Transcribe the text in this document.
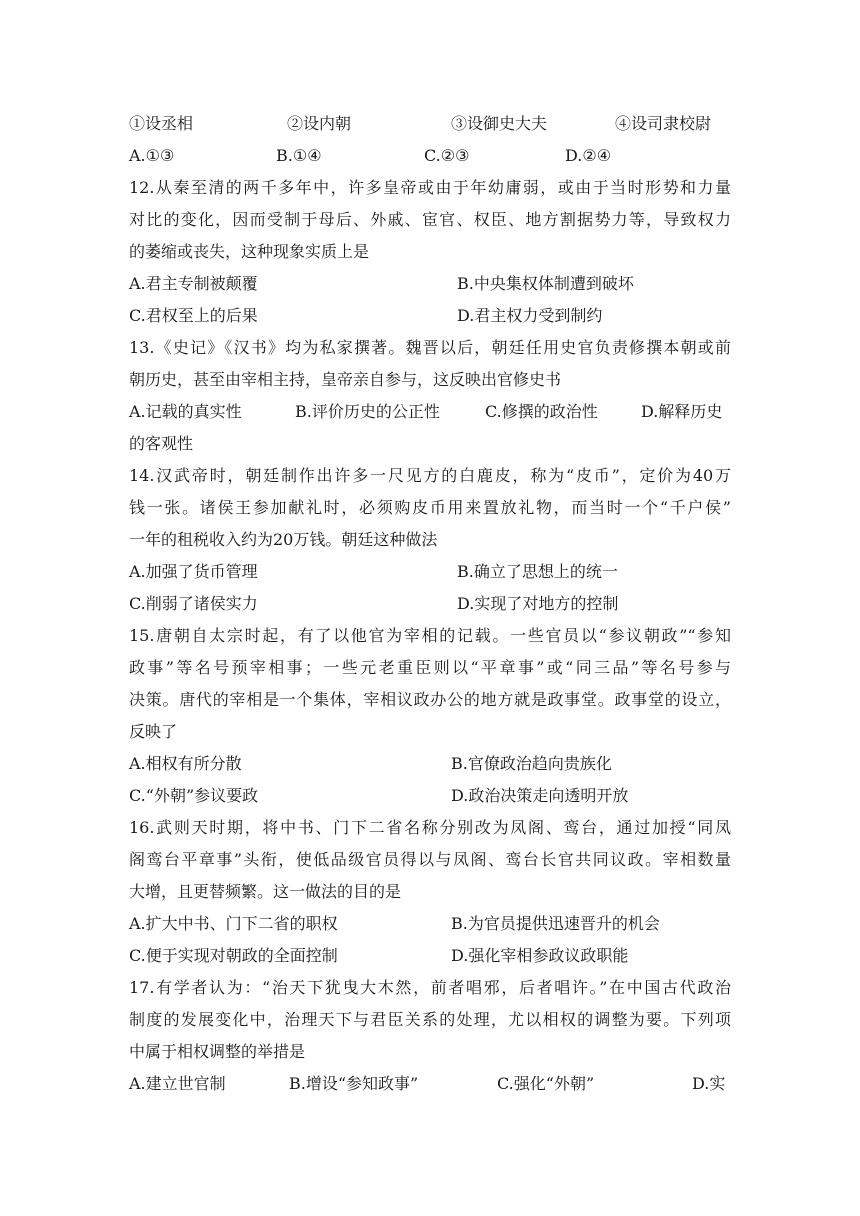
①设丞相	②设内朝	③设御史大夫	④设司隶校尉
A.①③	B.①④	C.②③	D.②④
12.从秦至清的两千多年中，许多皇帝或由于年幼庸弱，或由于当时形势和力量
对比的变化，因而受制于母后、外戚、宦官、权臣、地方割据势力等，导致权力
的萎缩或丧失，这种现象实质上是
A.君主专制被颠覆	B.中央集权体制遭到破坏
C.君权至上的后果	D.君主权力受到制约
13.《史记》《汉书》均为私家撰著。魏晋以后，朝廷任用史官负责修撰本朝或前
朝历史，甚至由宰相主持，皇帝亲自参与，这反映出官修史书
A.记载的真实性	B.评价历史的公正性	C.修撰的政治性	D.解释历史
的客观性
14.汉武帝时，朝廷制作出许多一尺见方的白鹿皮，称为“皮币”，定价为40万
钱一张。诸侯王参加献礼时，必须购皮币用来置放礼物，而当时一个“千户侯”
一年的租税收入约为20万钱。朝廷这种做法
A.加强了货币管理	B.确立了思想上的统一
C.削弱了诸侯实力	D.实现了对地方的控制
15.唐朝自太宗时起，有了以他官为宰相的记载。一些官员以“参议朝政”“参知
政事”等名号预宰相事；一些元老重臣则以“平章事”或“同三品”等名号参与
决策。唐代的宰相是一个集体，宰相议政办公的地方就是政事堂。政事堂的设立，
反映了
A.相权有所分散	B.官僚政治趋向贵族化
C.“外朝”参议要政	D.政治决策走向透明开放
16.武则天时期，将中书、门下二省名称分别改为凤阁、鸾台，通过加授“同凤
阁鸾台平章事”头衔，使低品级官员得以与凤阁、鸾台长官共同议政。宰相数量
大增，且更替频繁。这一做法的目的是
A.扩大中书、门下二省的职权	B.为官员提供迅速晋升的机会
C.便于实现对朝政的全面控制	D.强化宰相参政议政职能
17.有学者认为：“治天下犹曳大木然，前者唱邪，后者唱许。”在中国古代政治
制度的发展变化中，治理天下与君臣关系的处理，尤以相权的调整为要。下列项
中属于相权调整的举措是
A.建立世官制	B.增设“参知政事”	C.强化“外朝”	D.实
